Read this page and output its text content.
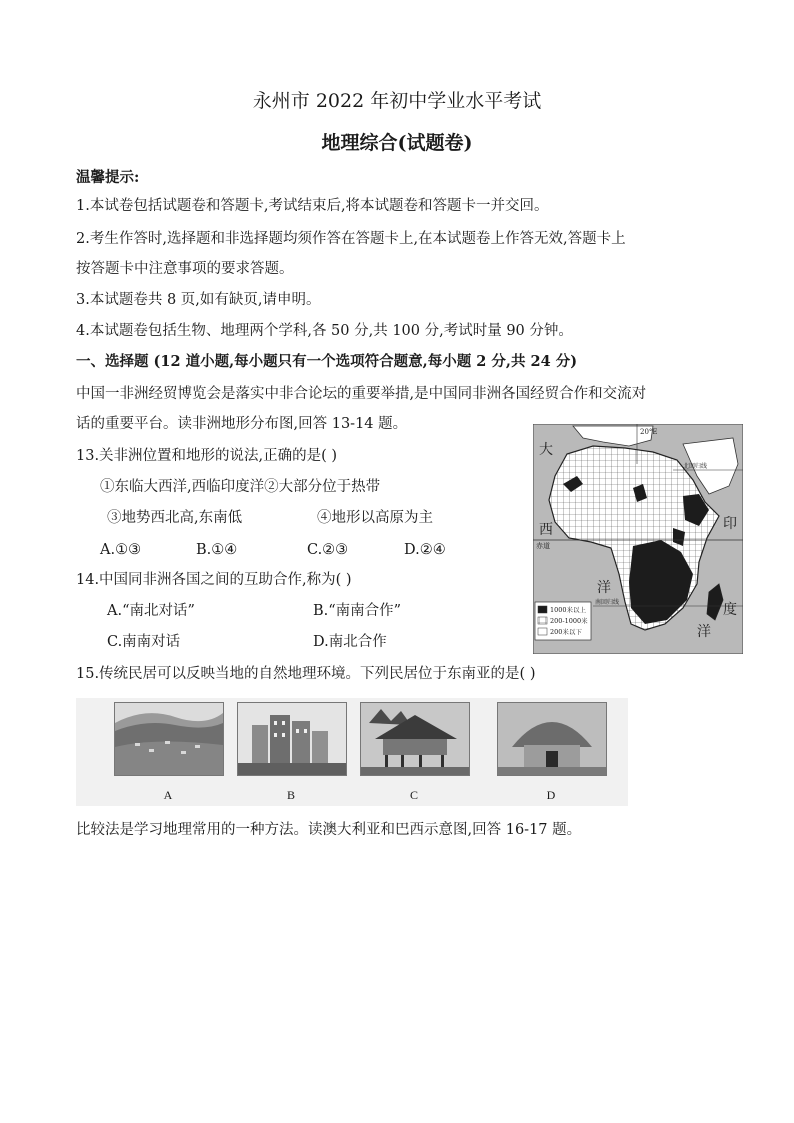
永州市 2022 年初中学业水平考试
地理综合(试题卷)
温馨提示:
1.本试卷包括试题卷和答题卡,考试结束后,将本试题卷和答题卡一并交回。
2.考生作答时,选择题和非选择题均须作答在答题卡上,在本试题卷上作答无效,答题卡上
按答题卡中注意事项的要求答题。
3.本试题卷共 8 页,如有缺页,请申明。
4.本试题卷包括生物、地理两个学科,各 50 分,共 100 分,考试时量 90 分钟。
一、选择题 (12 道小题,每小题只有一个选项符合题意,每小题 2 分,共 24 分)
中国一非洲经贸博览会是落实中非合论坛的重要举措,是中国同非洲各国经贸合作和交流对
话的重要平台。读非洲地形分布图,回答 13-14 题。
13.关非洲位置和地形的说法,正确的是( )
①东临大西洋,西临印度洋②大部分位于热带
③地势西北高,东南低	④地形以高原为主
A.①③	B.①④	C.②③	D.②④
14.中国同非洲各国之间的互助合作,称为( )
A.“南北对话”	B.“南南合作”
C.南南对话	D.南北合作
15.传统民居可以反映当地的自然地理环境。下列民居位于东南亚的是( )
20°E
大
西
洋
印
度
洋
赤道
北回归线
南回归线
1000米以上
200-1000米
200米以下
A	B	C	D
比较法是学习地理常用的一种方法。读澳大利亚和巴西示意图,回答 16-17 题。
